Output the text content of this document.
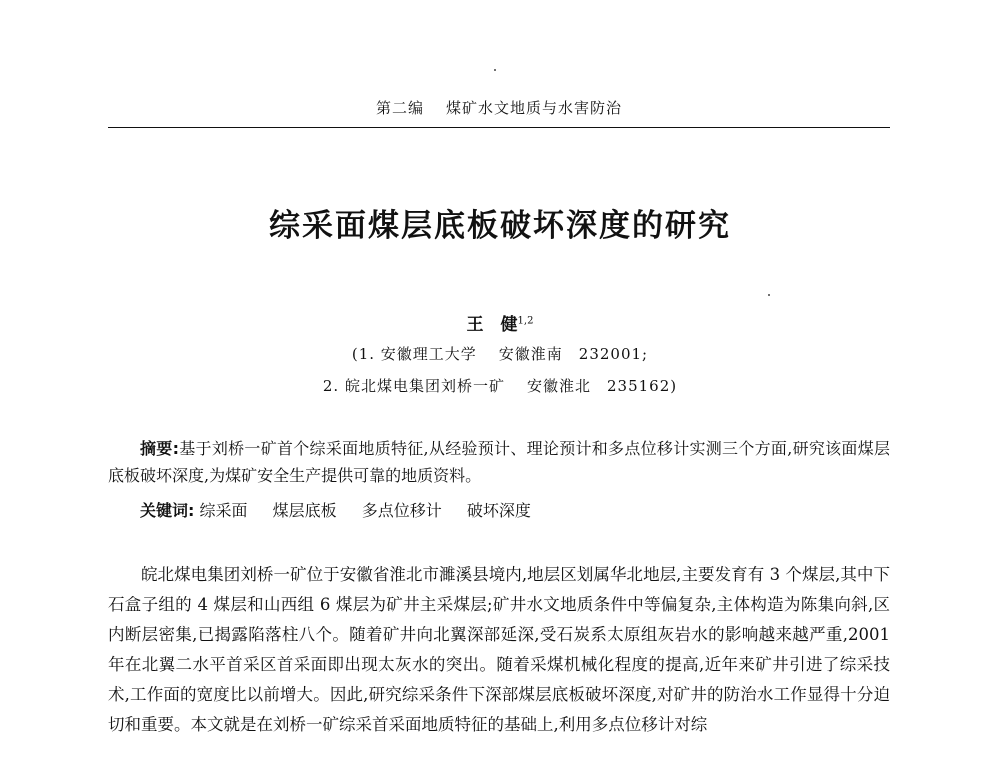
第二编 煤矿水文地质与水害防治
综采面煤层底板破坏深度的研究
王　健$^{1,2}$
(1. 安徽理工大学 安徽淮南　232001;
2. 皖北煤电集团刘桥一矿 安徽淮北　235162)

摘要:基于刘桥一矿首个综采面地质特征,从经验预计、理论预计和多点位移计实测三个方面,研究该面煤层底板破坏深度,为煤矿安全生产提供可靠的地质资料。

关键词: 综采面 煤层底板 多点位移计 破坏深度

皖北煤电集团刘桥一矿位于安徽省淮北市濉溪县境内,地层区划属华北地层,主要发育有 3 个煤层,其中下石盒子组的 4 煤层和山西组 6 煤层为矿井主采煤层;矿井水文地质条件中等偏复杂,主体构造为陈集向斜,区内断层密集,已揭露陷落柱八个。随着矿井向北翼深部延深,受石炭系太原组灰岩水的影响越来越严重,2001 年在北翼二水平首采区首采面即出现太灰水的突出。随着采煤机械化程度的提高,近年来矿井引进了综采技术,工作面的宽度比以前增大。因此,研究综采条件下深部煤层底板破坏深度,对矿井的防治水工作显得十分迫切和重要。本文就是在刘桥一矿综采首采面地质特征的基础上,利用多点位移计对综
